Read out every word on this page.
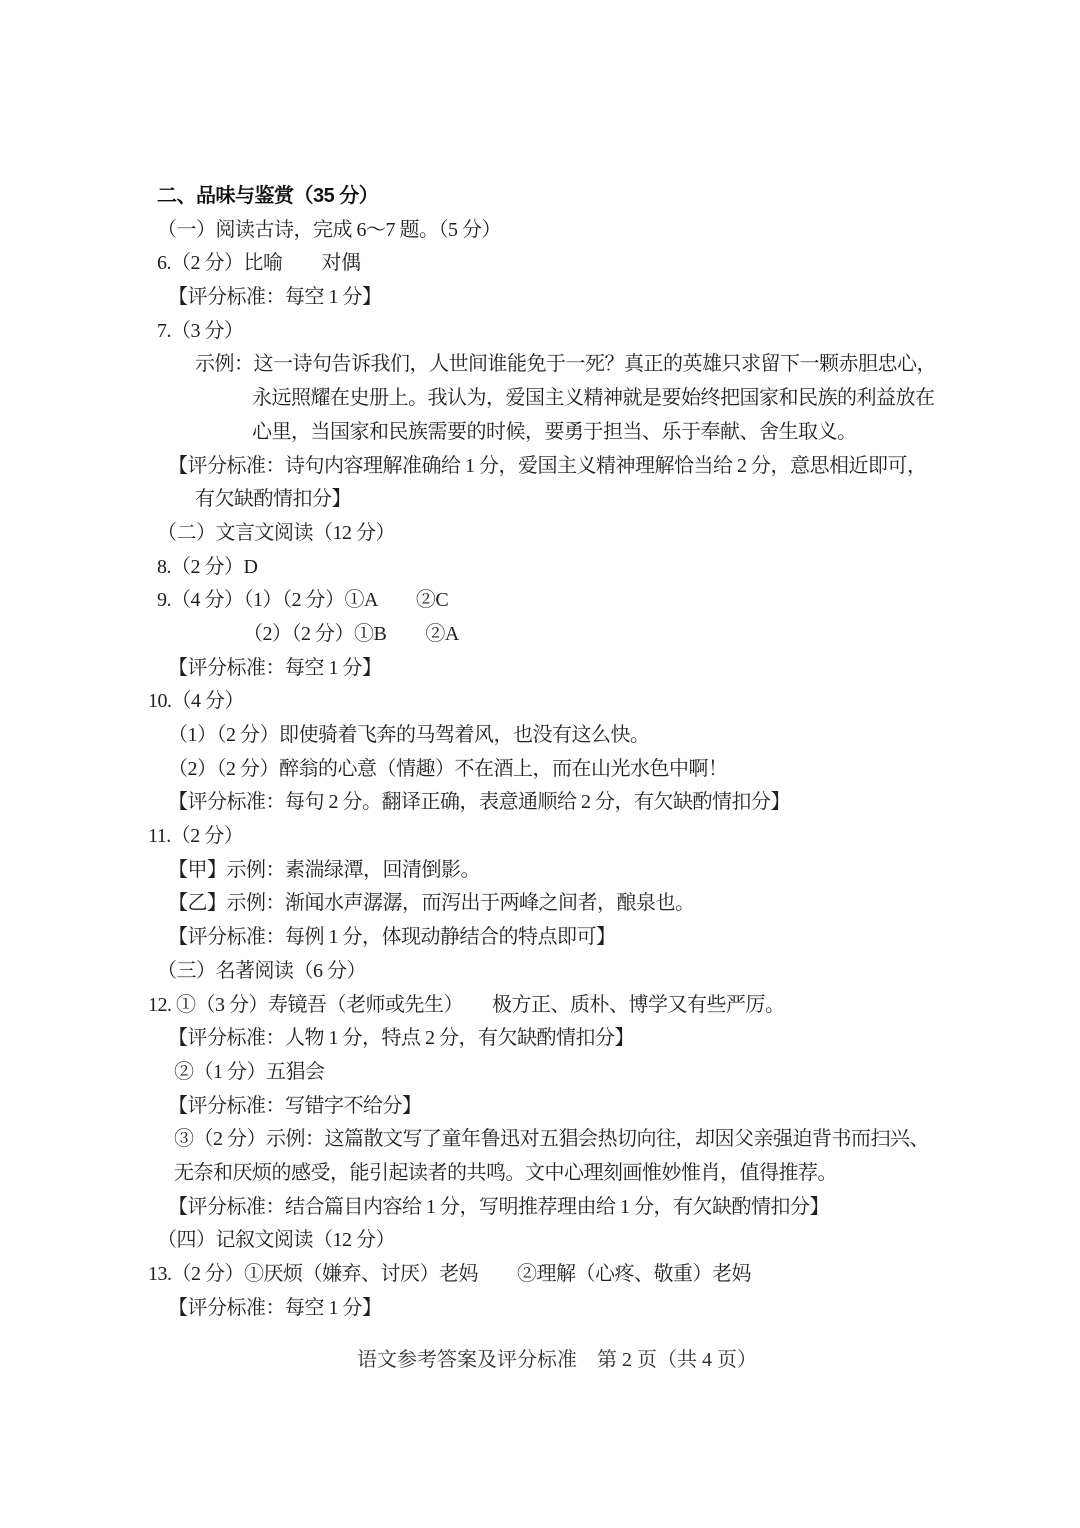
二、品味与鉴赏（35 分）
（一）阅读古诗，完成 6～7 题。（5 分）
6.（2 分）比喻　　对偶
【评分标准：每空 1 分】
7.（3 分）
示例：这一诗句告诉我们，人世间谁能免于一死？真正的英雄只求留下一颗赤胆忠心，
永远照耀在史册上。我认为，爱国主义精神就是要始终把国家和民族的利益放在
心里，当国家和民族需要的时候，要勇于担当、乐于奉献、舍生取义。
【评分标准：诗句内容理解准确给 1 分，爱国主义精神理解恰当给 2 分，意思相近即可，
有欠缺酌情扣分】
（二）文言文阅读（12 分）
8.（2 分）D
9.（4 分）（1）（2 分）①A　　②C
（2）（2 分）①B　　②A
【评分标准：每空 1 分】
10.（4 分）
（1）（2 分）即使骑着飞奔的马驾着风，也没有这么快。
（2）（2 分）醉翁的心意（情趣）不在酒上，而在山光水色中啊！
【评分标准：每句 2 分。翻译正确，表意通顺给 2 分，有欠缺酌情扣分】
11.（2 分）
【甲】示例：素湍绿潭，回清倒影。
【乙】示例：渐闻水声潺潺，而泻出于两峰之间者，酿泉也。
【评分标准：每例 1 分，体现动静结合的特点即可】
（三）名著阅读（6 分）
12. ①（3 分）寿镜吾（老师或先生）　　极方正、质朴、博学又有些严厉。
【评分标准：人物 1 分，特点 2 分，有欠缺酌情扣分】
②（1 分）五猖会
【评分标准：写错字不给分】
③（2 分）示例：这篇散文写了童年鲁迅对五猖会热切向往，却因父亲强迫背书而扫兴、
无奈和厌烦的感受，能引起读者的共鸣。文中心理刻画惟妙惟肖，值得推荐。
【评分标准：结合篇目内容给 1 分，写明推荐理由给 1 分，有欠缺酌情扣分】
（四）记叙文阅读（12 分）
13.（2 分）①厌烦（嫌弃、讨厌）老妈　　②理解（心疼、敬重）老妈
【评分标准：每空 1 分】
语文参考答案及评分标准 第 2 页（共 4 页）
